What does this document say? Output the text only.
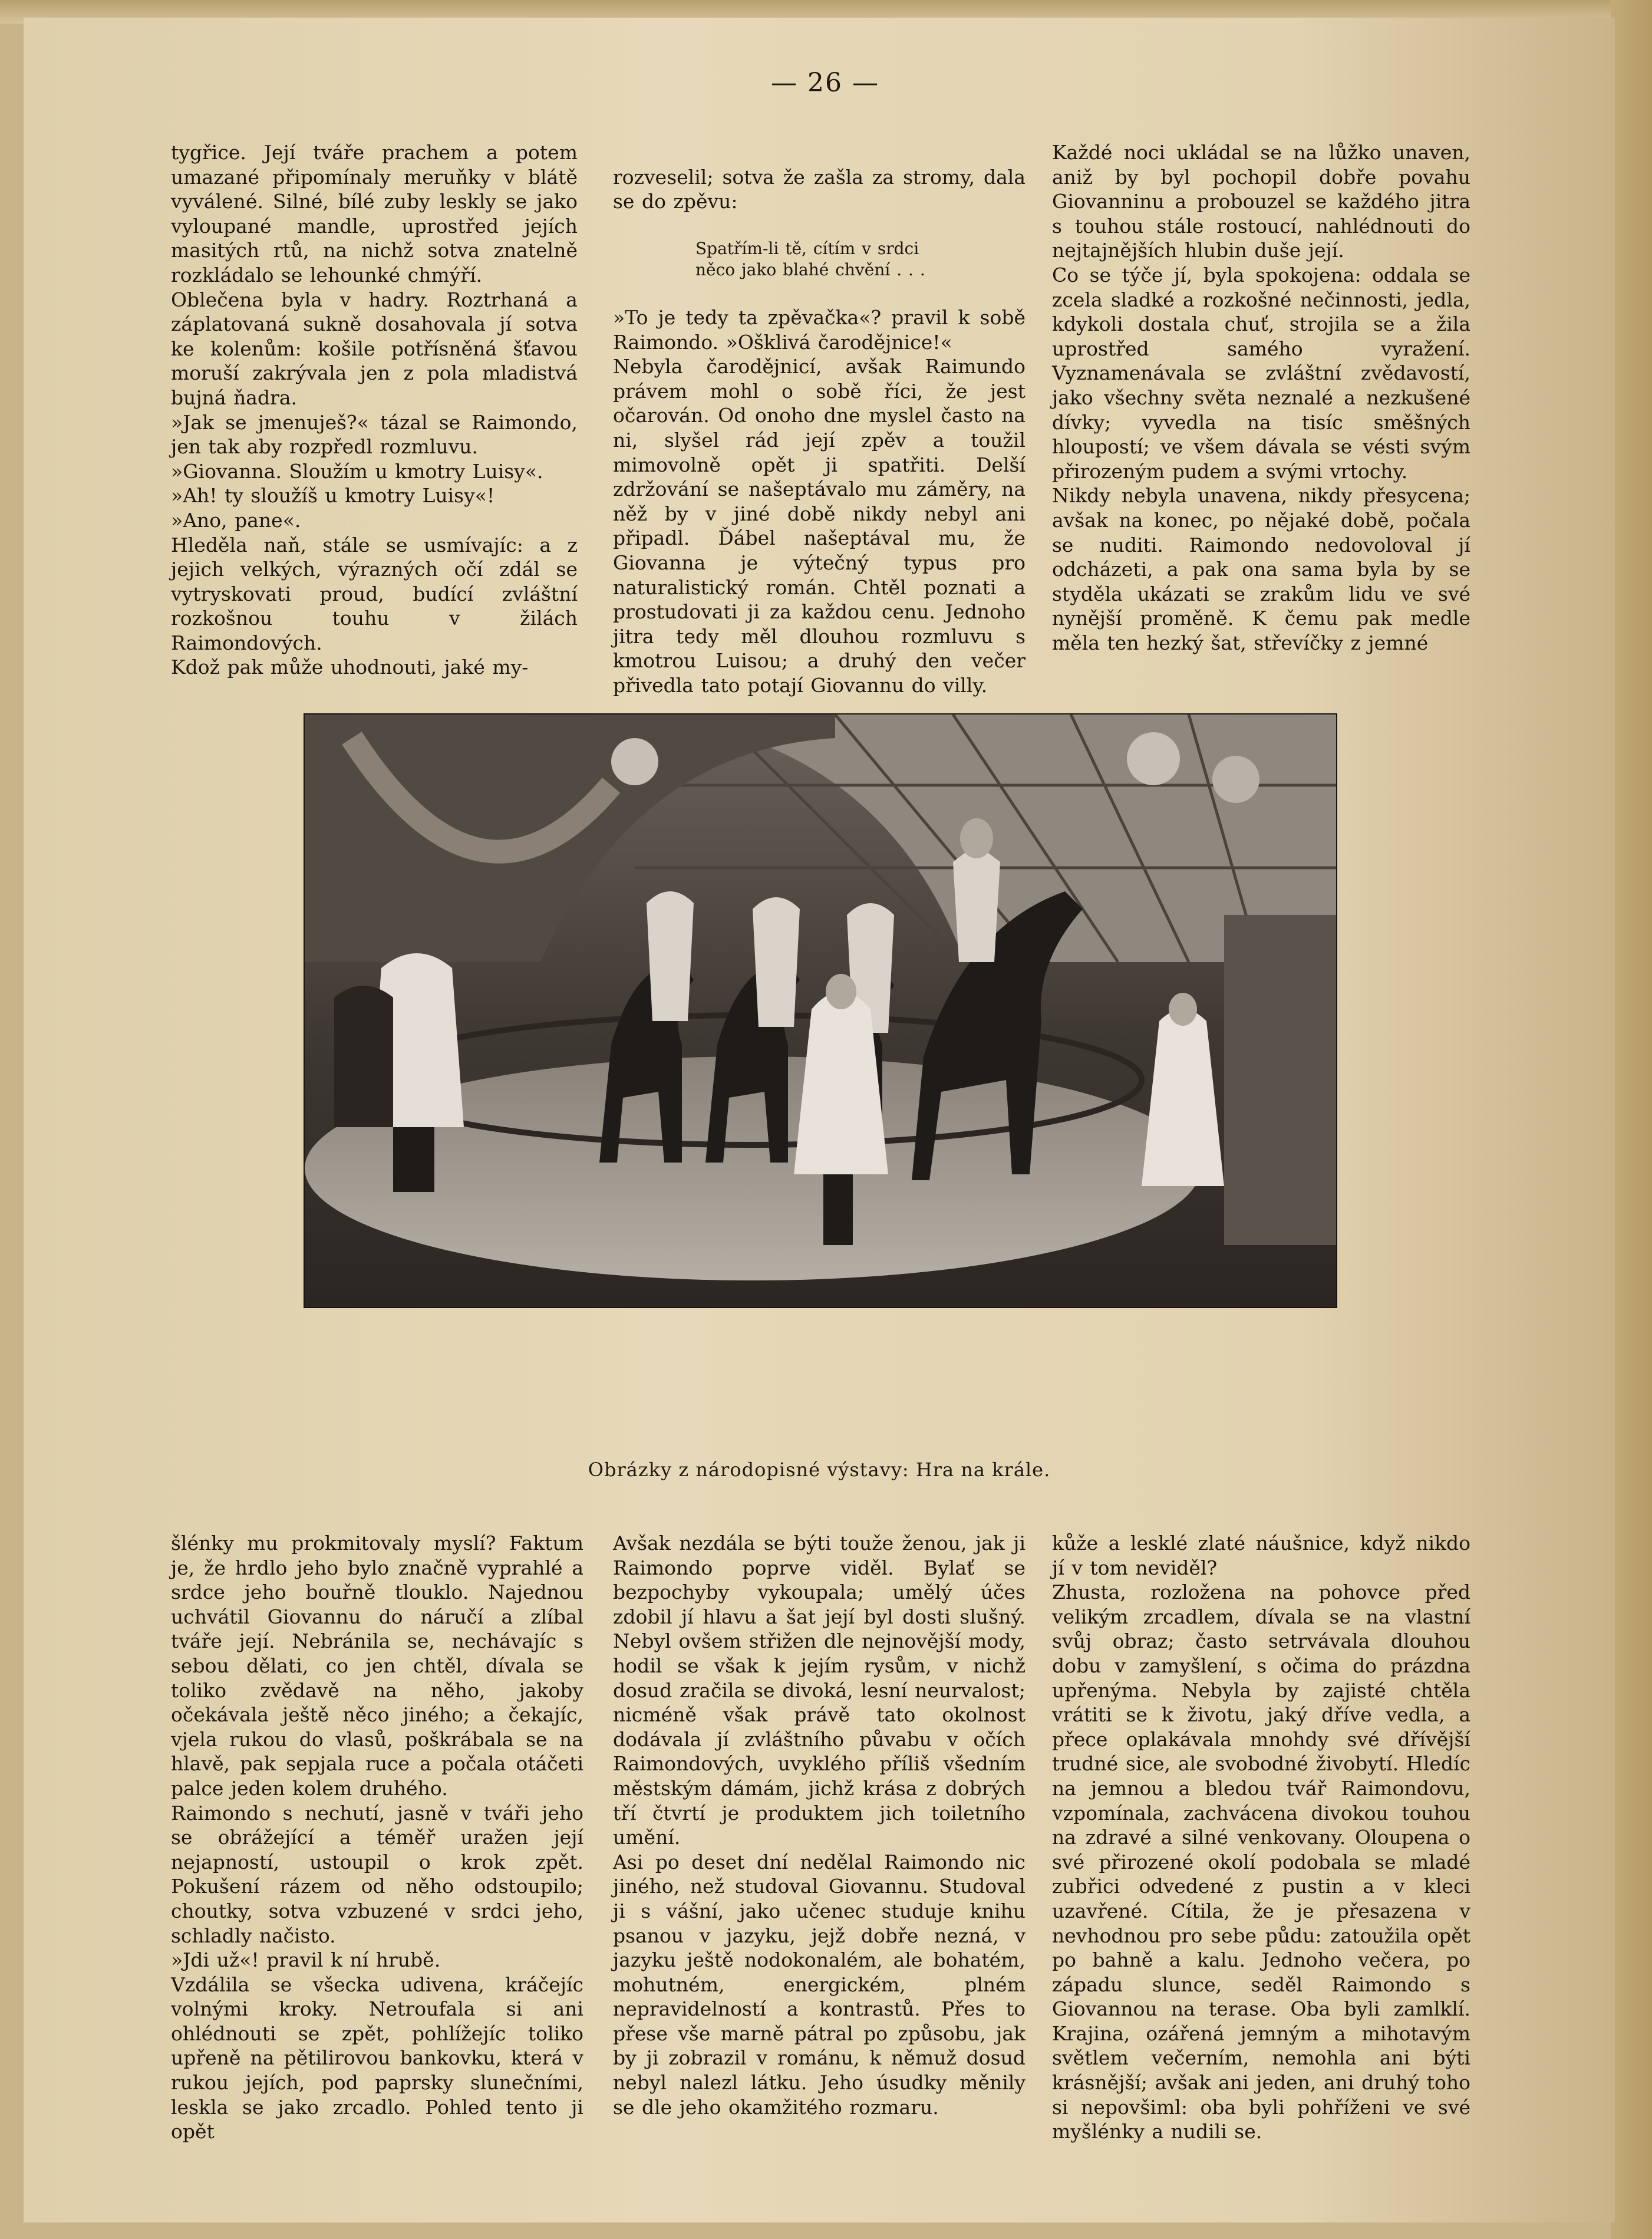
— 26 —
tygřice. Její tváře prachem a potem umazané připomínaly meruňky v blátě vyválené. Silné, bílé zuby leskly se jako vyloupané mandle, uprostřed jejích masitých rtů, na nichž sotva znatelně rozkládalo se lehounké chmýří.
Oblečena byla v hadry. Roztrhaná a záplatovaná sukně dosahovala jí sotva ke kolenům: košile potřísněná šťavou moruší zakrývala jen z pola mladistvá bujná ňadra.
»Jak se jmenuješ?« tázal se Raimondo, jen tak aby rozpředl rozmluvu.
»Giovanna. Sloužím u kmotry Luisy«.
»Ah! ty sloužíš u kmotry Luisy«!
»Ano, pane«.
Hleděla naň, stále se usmívajíc: a z jejich velkých, výrazných očí zdál se vytryskovati proud, budící zvláštní rozkošnou touhu v žilách Raimondových.
Kdož pak může uhodnouti, jaké my-

rozveselil; sotva že zašla za stromy, dala se do zpěvu:

Spatřím-li tě, cítím v srdci
něco jako blahé chvění . . .

»To je tedy ta zpěvačka«? pravil k sobě Raimondo. »Ošklivá čarodějnice!«
Nebyla čarodějnicí, avšak Raimundo právem mohl o sobě říci, že jest očarován. Od onoho dne myslel často na ni, slyšel rád její zpěv a toužil mimovolně opět ji spatřiti. Delší zdržování se našeptávalo mu záměry, na něž by v jiné době nikdy nebyl ani připadl. Ďábel našeptával mu, že Giovanna je výtečný typus pro naturalistický román. Chtěl poznati a prostudovati ji za každou cenu. Jednoho jitra tedy měl dlouhou rozmluvu s kmotrou Luisou; a druhý den večer přivedla tato potají Giovannu do villy.

Každé noci ukládal se na lůžko unaven, aniž by byl pochopil dobře povahu Giovanninu a probouzel se každého jitra s touhou stále rostoucí, nahlédnouti do nejtajnějších hlubin duše její.
Co se týče jí, byla spokojena: oddala se zcela sladké a rozkošné nečinnosti, jedla, kdykoli dostala chuť, strojila se a žila uprostřed samého vyražení. Vyznamenávala se zvláštní zvědavostí, jako všechny světa neznalé a nezkušené dívky; vyvedla na tisíc směšných hloupostí; ve všem dávala se vésti svým přirozeným pudem a svými vrtochy.
Nikdy nebyla unavena, nikdy přesycena; avšak na konec, po nějaké době, počala se nuditi. Raimondo nedovoloval jí odcházeti, a pak ona sama byla by se styděla ukázati se zrakům lidu ve své nynější proměně. K čemu pak medle měla ten hezký šat, střevíčky z jemné
Obrázky z národopisné výstavy: Hra na krále.
šlénky mu prokmitovaly myslí? Faktum je, že hrdlo jeho bylo značně vyprahlé a srdce jeho bouřně tlouklo. Najednou uchvátil Giovannu do náručí a zlíbal tváře její. Nebránila se, nechávajíc s sebou dělati, co jen chtěl, dívala se toliko zvědavě na něho, jakoby očekávala ještě něco jiného; a čekajíc, vjela rukou do vlasů, poškrábala se na hlavě, pak sepjala ruce a počala otáčeti palce jeden kolem druhého.
Raimondo s nechutí, jasně v tváři jeho se obrážející a téměř uražen její nejapností, ustoupil o krok zpět. Pokušení rázem od něho odstoupilo; choutky, sotva vzbuzené v srdci jeho, schladly načisto.
»Jdi už«! pravil k ní hrubě.
Vzdálila se všecka udivena, kráčejíc volnými kroky. Netroufala si ani ohlédnouti se zpět, pohlížejíc toliko upřeně na pětilirovou bankovku, která v rukou jejích, pod paprsky slunečními, leskla se jako zrcadlo. Pohled tento ji opět
Avšak nezdála se býti touže ženou, jak ji Raimondo poprve viděl. Bylať se bezpochyby vykoupala; umělý účes zdobil jí hlavu a šat její byl dosti slušný. Nebyl ovšem střižen dle nejnovější mody, hodil se však k jejím rysům, v nichž dosud zračila se divoká, lesní neurvalost; nicméně však právě tato okolnost dodávala jí zvláštního půvabu v očích Raimondových, uvyklého příliš všedním městským dámám, jichž krása z dobrých tří čtvrtí je produktem jich toiletního umění.
Asi po deset dní nedělal Raimondo nic jiného, než studoval Giovannu. Studoval ji s vášní, jako učenec studuje knihu psanou v jazyku, jejž dobře nezná, v jazyku ještě nodokonalém, ale bohatém, mohutném, energickém, plném nepravidelností a kontrastů. Přes to přese vše marně pátral po způsobu, jak by ji zobrazil v románu, k němuž dosud nebyl nalezl látku. Jeho úsudky měnily se dle jeho okamžitého rozmaru.
kůže a lesklé zlaté náušnice, když nikdo jí v tom neviděl?
Zhusta, rozložena na pohovce před velikým zrcadlem, dívala se na vlastní svůj obraz; často setrvávala dlouhou dobu v zamyšlení, s očima do prázdna upřenýma. Nebyla by zajisté chtěla vrátiti se k životu, jaký dříve vedla, a přece oplakávala mnohdy své dřívější trudné sice, ale svobodné živobytí. Hledíc na jemnou a bledou tvář Raimondovu, vzpomínala, zachvácena divokou touhou na zdravé a silné venkovany. Oloupena o své přirozené okolí podobala se mladé zubřici odvedené z pustin a v kleci uzavřené. Cítila, že je přesazena v nevhodnou pro sebe půdu: zatoužila opět po bahně a kalu. Jednoho večera, po západu slunce, seděl Raimondo s Giovannou na terase. Oba byli zamlklí. Krajina, ozářená jemným a mihotavým světlem večerním, nemohla ani býti krásnější; avšak ani jeden, ani druhý toho si nepovšiml: oba byli pohříženi ve své myšlénky a nudili se.
